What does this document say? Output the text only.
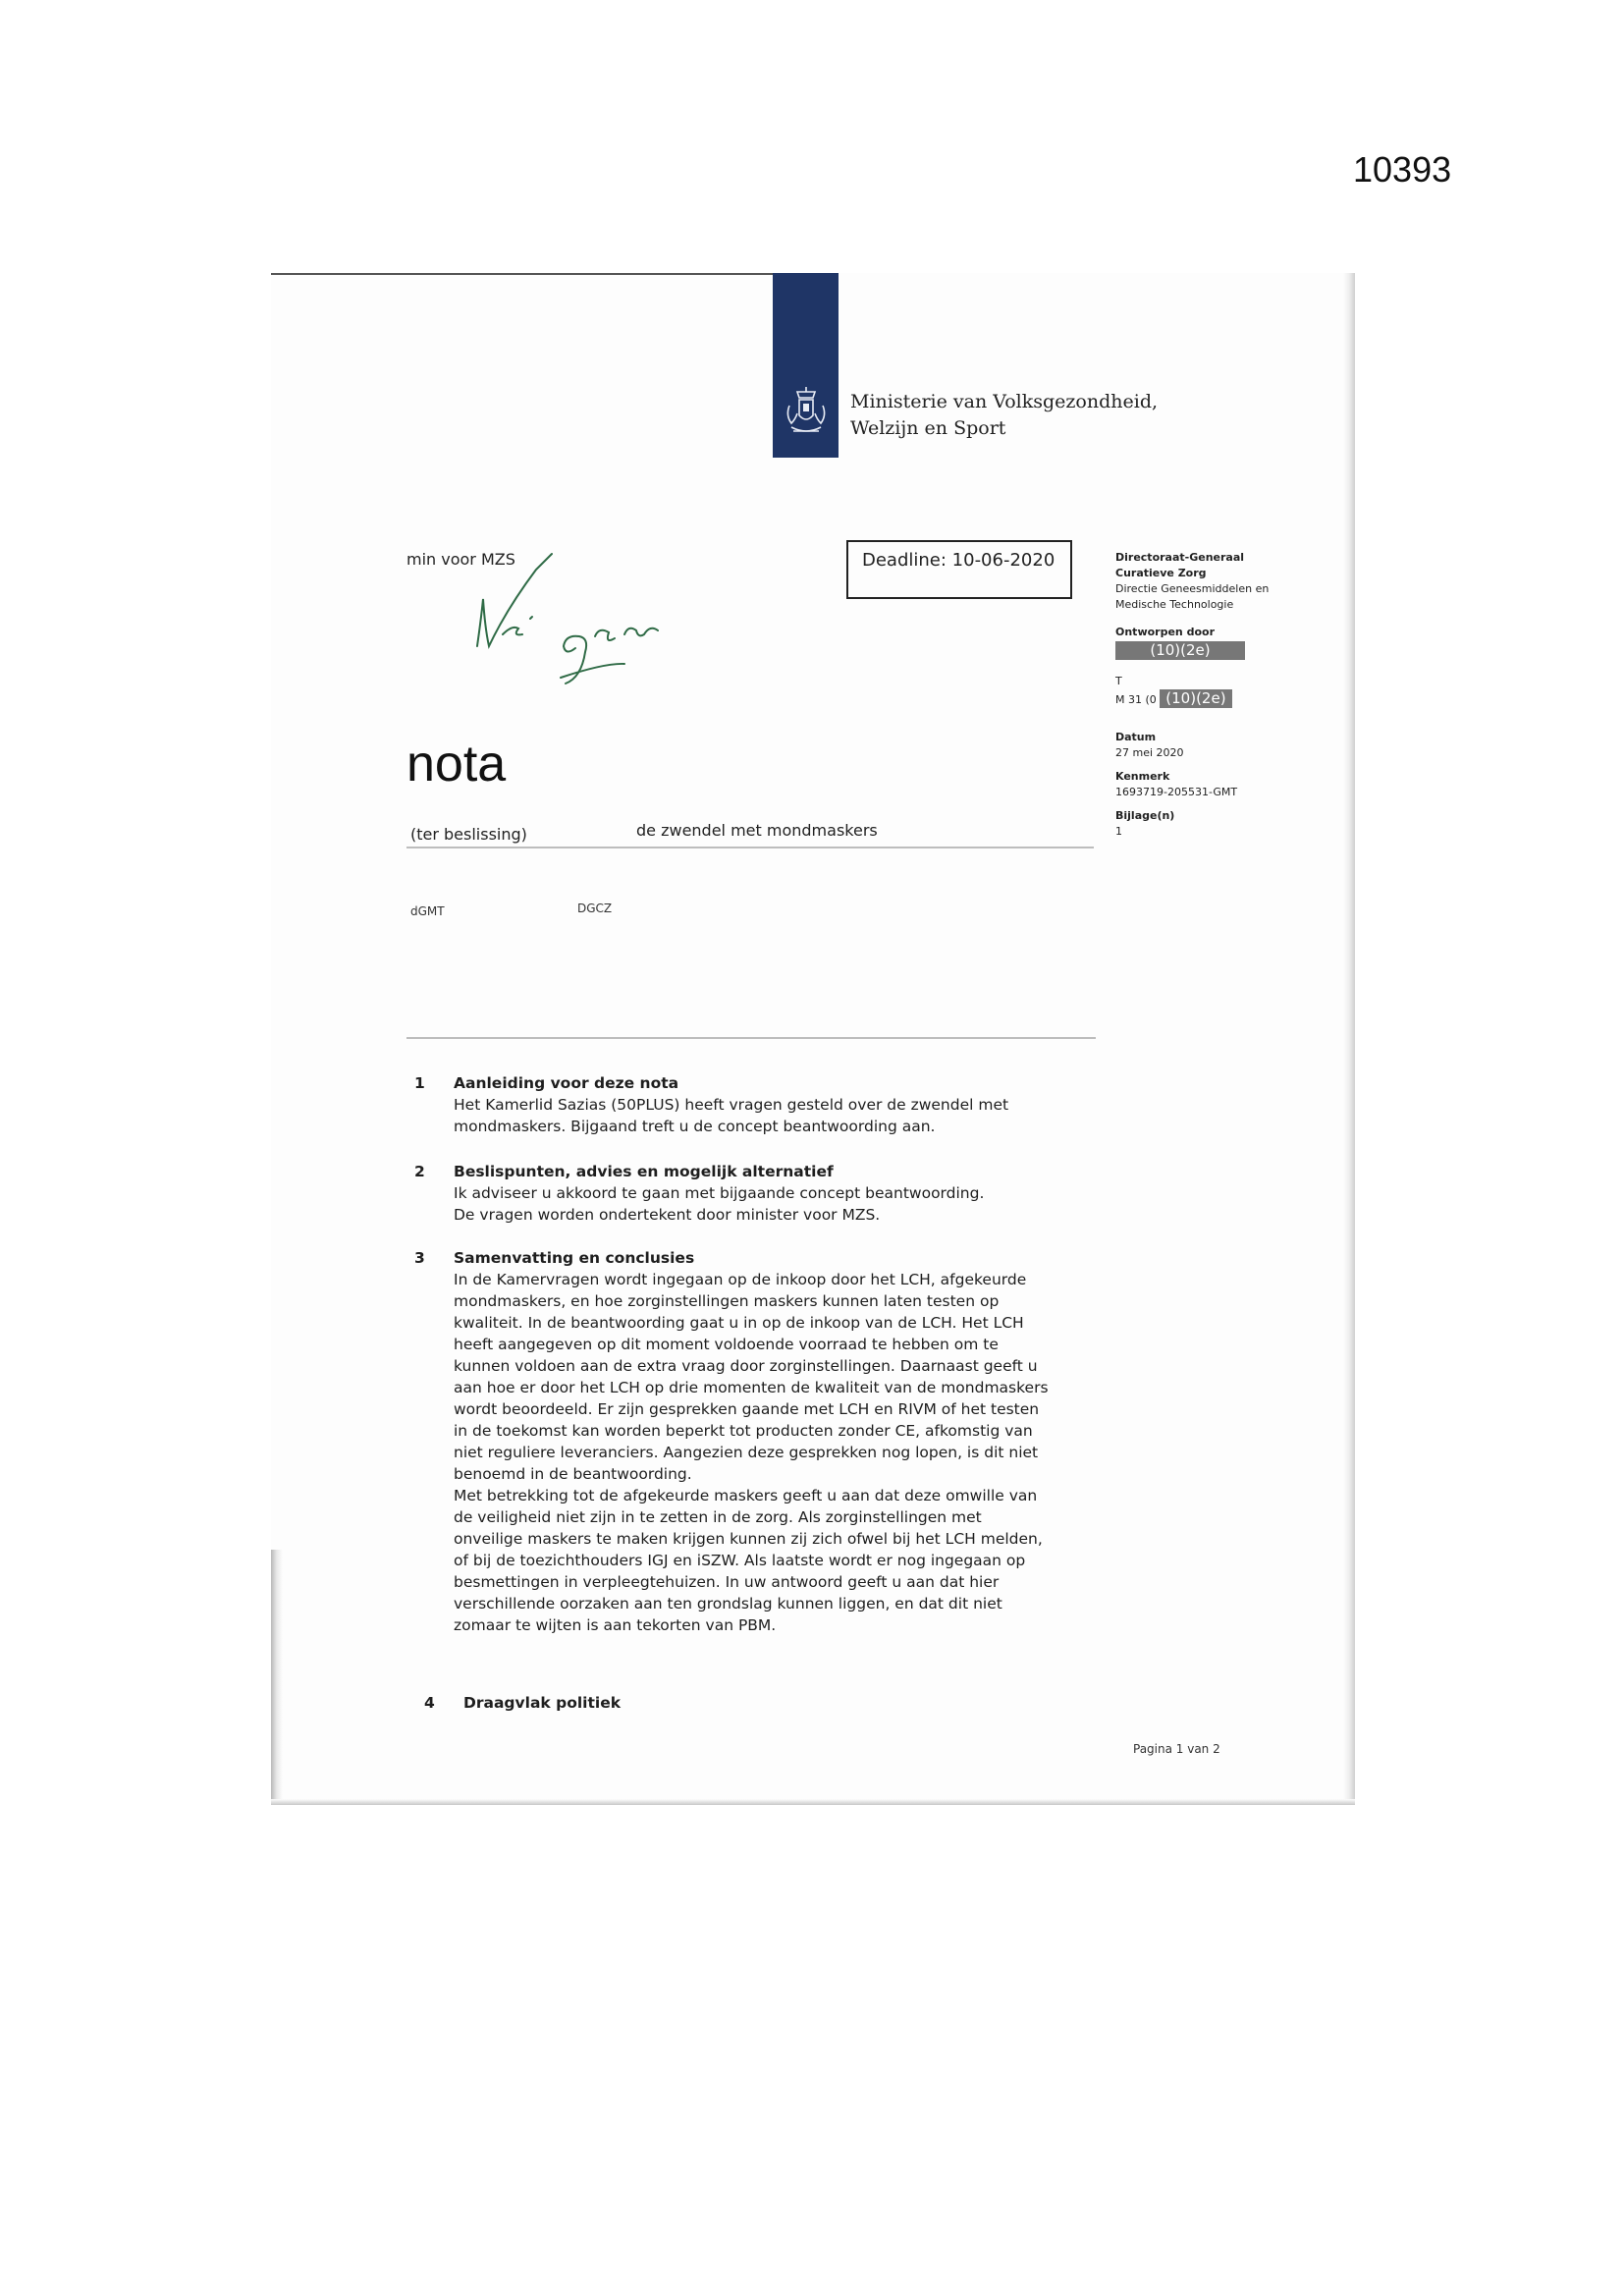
10393
Ministerie van Volksgezondheid,
Welzijn en Sport
min voor MZS	Deadline: 10-06-2020	Directoraat-Generaal
Curatieve Zorg
Directie Geneesmiddelen en
Medische Technologie
Ontworpen door
(10)(2e)
T
M 31 (0 (10)(2e)
Datum
27 mei 2020
Kenmerk
1693719-205531-GMT
Bijlage(n)
1
nota
(ter beslissing)	de zwendel met mondmaskers
dGMT	DGCZ
1 Aanleiding voor deze nota
Het Kamerlid Sazias (50PLUS) heeft vragen gesteld over de zwendel met
mondmaskers. Bijgaand treft u de concept beantwoording aan.
2 Beslispunten, advies en mogelijk alternatief
Ik adviseer u akkoord te gaan met bijgaande concept beantwoording.
De vragen worden ondertekent door minister voor MZS.
3 Samenvatting en conclusies
In de Kamervragen wordt ingegaan op de inkoop door het LCH, afgekeurde
mondmaskers, en hoe zorginstellingen maskers kunnen laten testen op
kwaliteit. In de beantwoording gaat u in op de inkoop van de LCH. Het LCH
heeft aangegeven op dit moment voldoende voorraad te hebben om te
kunnen voldoen aan de extra vraag door zorginstellingen. Daarnaast geeft u
aan hoe er door het LCH op drie momenten de kwaliteit van de mondmaskers
wordt beoordeeld. Er zijn gesprekken gaande met LCH en RIVM of het testen
in de toekomst kan worden beperkt tot producten zonder CE, afkomstig van
niet reguliere leveranciers. Aangezien deze gesprekken nog lopen, is dit niet
benoemd in de beantwoording.
Met betrekking tot de afgekeurde maskers geeft u aan dat deze omwille van
de veiligheid niet zijn in te zetten in de zorg. Als zorginstellingen met
onveilige maskers te maken krijgen kunnen zij zich ofwel bij het LCH melden,
of bij de toezichthouders IGJ en iSZW. Als laatste wordt er nog ingegaan op
besmettingen in verpleegtehuizen. In uw antwoord geeft u aan dat hier
verschillende oorzaken aan ten grondslag kunnen liggen, en dat dit niet
zomaar te wijten is aan tekorten van PBM.
4 Draagvlak politiek
Pagina 1 van 2
